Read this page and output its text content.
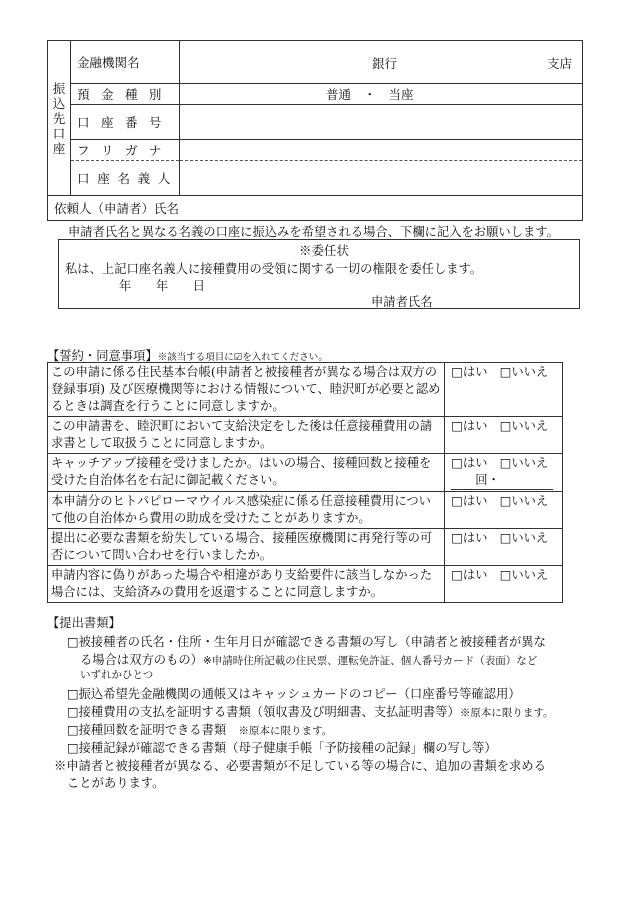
振
込
先
口
座	金融機関名	銀行 支店

	預 金 種 別	普通　・　当座
	口 座 番 号	
	フ リ ガ ナ	
	口 座 名 義 人	
依頼人（申請者）氏名		
申請者氏名と異なる名義の口座に振込みを希望される場合、下欄に記入をお願いします。
※委任状
私は、上記口座名義人に接種費用の受領に関する一切の権限を委任します。
年　　年　　日
申請者氏名
【誓約・同意事項】※該当する項目に☑を入れてください。
この申請に係る住民基本台帳(申請者と被接種者が異なる場合は双方の登録事項) 及び医療機関等における情報について、睦沢町が必要と認めるときは調査を行うことに同意しますか。	□はい　□いいえ
この申請書を、睦沢町において支給決定をした後は任意接種費用の請求書として取扱うことに同意しますか。	□はい　□いいえ
キャッチアップ接種を受けましたか。はいの場合、接種回数と接種を受けた自治体名を右記に御記載ください。	□はい　□いいえ
回・

本申請分のヒトパピローマウイルス感染症に係る任意接種費用について他の自治体から費用の助成を受けたことがありますか。	□はい　□いいえ
提出に必要な書類を紛失している場合、接種医療機関に再発行等の可否について問い合わせを行いましたか。	□はい　□いいえ
申請内容に偽りがあった場合や相違があり支給要件に該当しなかった場合には、支給済みの費用を返還することに同意しますか。	□はい　□いいえ
【提出書類】
□被接種者の氏名・住所・生年月日が確認できる書類の写し（申請者と被接種者が異な
る場合は双方のもの）※申請時住所記載の住民票、運転免許証、個人番号カード（表面）など
いずれかひとつ
□振込希望先金融機関の通帳又はキャッシュカードのコピー（口座番号等確認用）
□接種費用の支払を証明する書類（領収書及び明細書、支払証明書等）※原本に限ります。
□接種回数を証明できる書類　 ※原本に限ります。
□接種記録が確認できる書類（母子健康手帳「予防接種の記録」欄の写し等）
※申請者と被接種者が異なる、必要書類が不足している等の場合に、追加の書類を求める
ことがあります。
